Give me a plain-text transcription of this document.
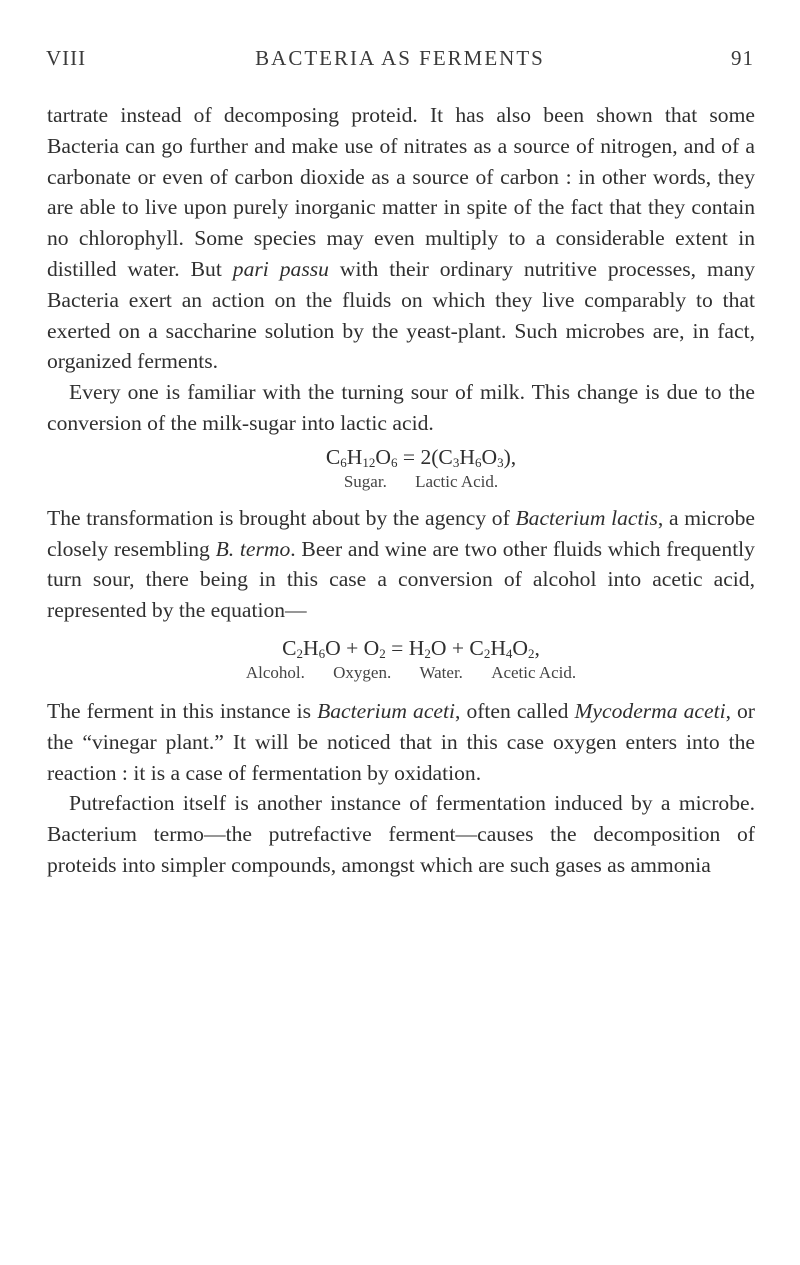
VIII	BACTERIA AS FERMENTS	91

tartrate instead of decomposing proteid. It has also been shown that some Bacteria can go further and make use of nitrates as a source of nitrogen, and of a carbonate or even of carbon dioxide as a source of carbon : in other words, they are able to live upon purely inorganic matter in spite of the fact that they contain no chlorophyll. Some species may even multiply to a considerable extent in distilled water. But pari passu with their ordinary nutritive processes, many Bacteria exert an action on the fluids on which they live comparably to that exerted on a saccharine solution by the yeast-plant. Such microbes are, in fact, organized ferments.

Every one is familiar with the turning sour of milk. This change is due to the conversion of the milk-sugar into lactic acid.

$C_6H_{12}O_6 = 2(C_3H_6O_3)$,
Sugar. Lactic Acid.

The transformation is brought about by the agency of Bacterium lactis, a microbe closely resembling B. termo. Beer and wine are two other fluids which frequently turn sour, there being in this case a conversion of alcohol into acetic acid, represented by the equation—

$C_2H_6O + O_2 = H_2O + C_2H_4O_2$,
Alcohol. Oxygen. Water. Acetic Acid.

The ferment in this instance is Bacterium aceti, often called Mycoderma aceti, or the “vinegar plant.” It will be noticed that in this case oxygen enters into the reaction : it is a case of fermentation by oxidation.

Putrefaction itself is another instance of fermentation induced by a microbe. Bacterium termo—the putrefactive ferment—causes the decomposition of proteids into simpler compounds, amongst which are such gases as ammonia
